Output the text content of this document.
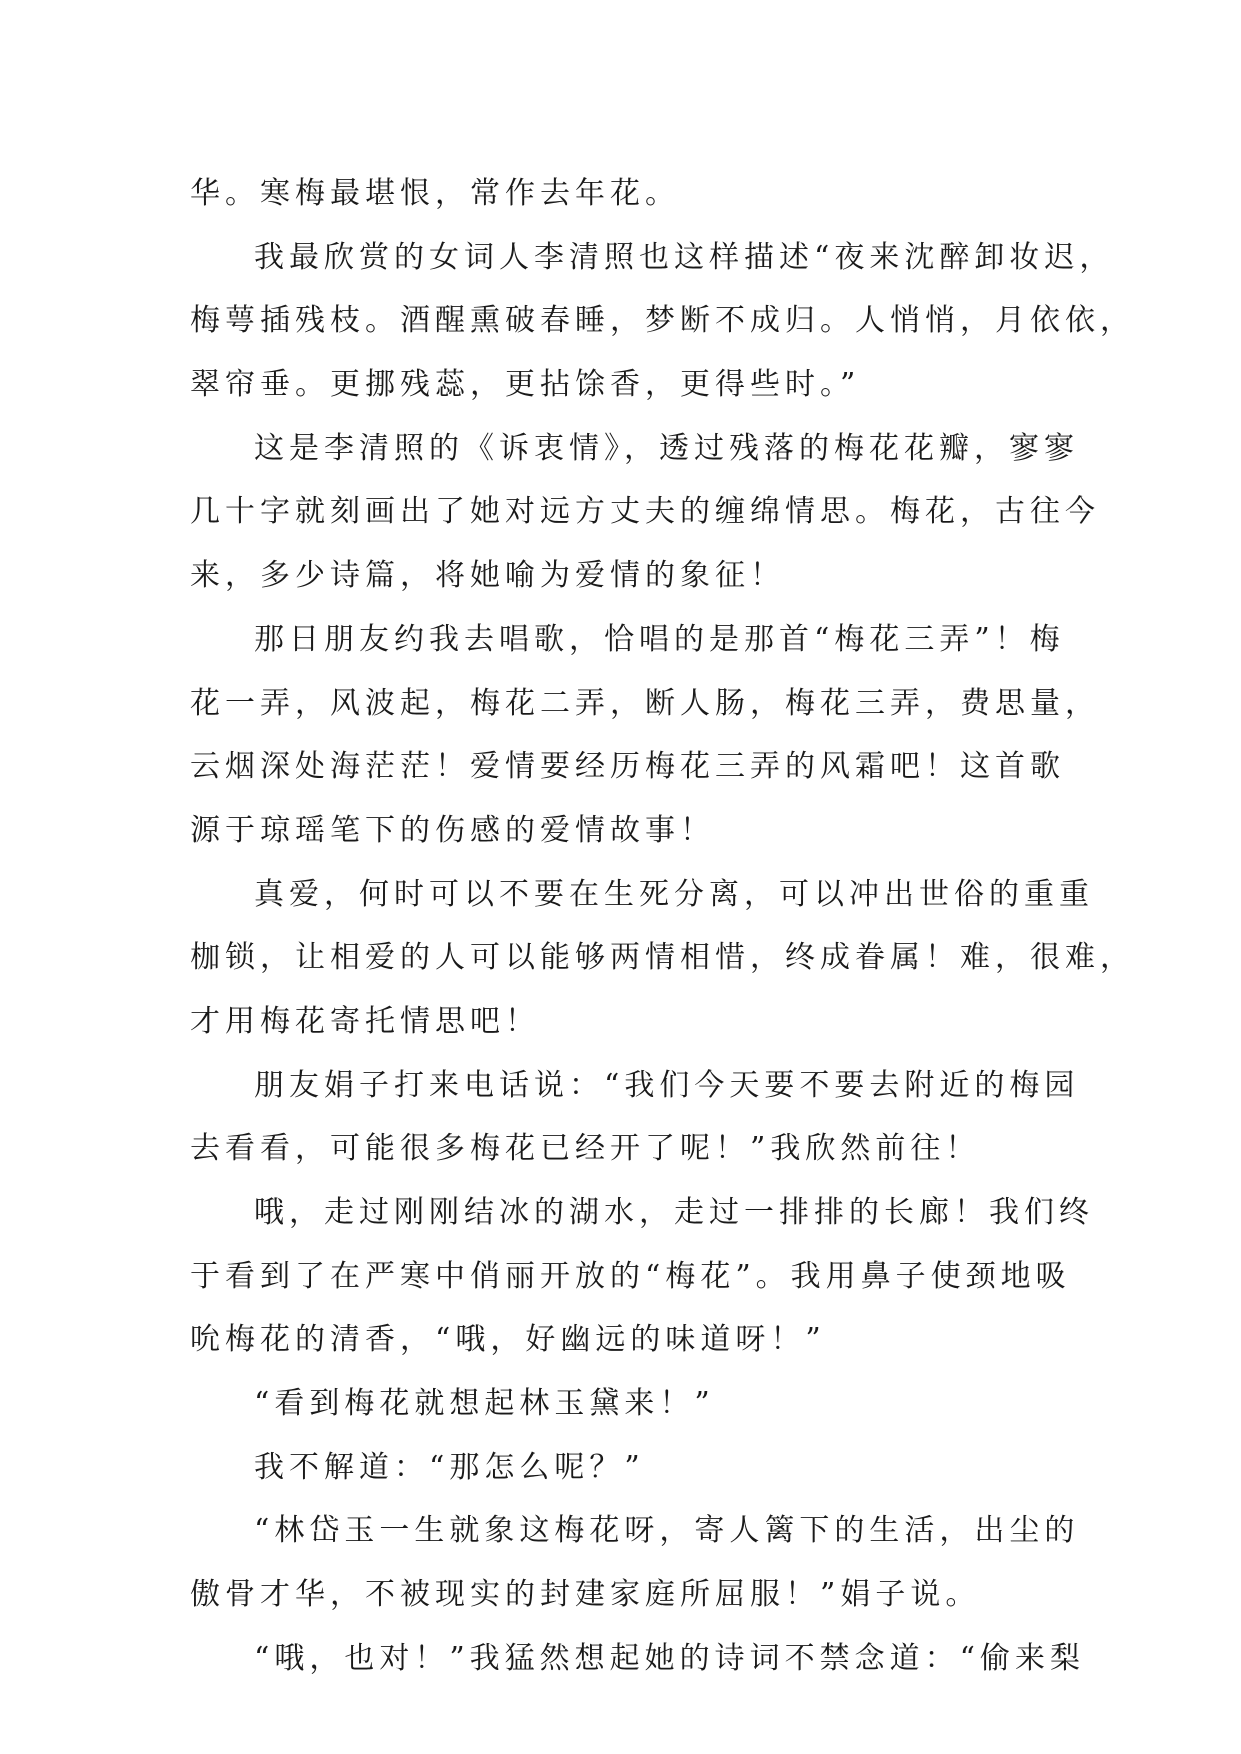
华。寒梅最堪恨，常作去年花。
我最欣赏的女词人李清照也这样描述“夜来沈醉卸妆迟，
梅萼插残枝。酒醒熏破春睡，梦断不成归。人悄悄，月依依，
翠帘垂。更挪残蕊，更拈馀香，更得些时。”
这是李清照的《诉衷情》，透过残落的梅花花瓣，寥寥
几十字就刻画出了她对远方丈夫的缠绵情思。梅花，古往今
来，多少诗篇，将她喻为爱情的象征！
那日朋友约我去唱歌，恰唱的是那首“梅花三弄”！梅
花一弄，风波起，梅花二弄，断人肠，梅花三弄，费思量，
云烟深处海茫茫！爱情要经历梅花三弄的风霜吧！这首歌
源于琼瑶笔下的伤感的爱情故事！
真爱，何时可以不要在生死分离，可以冲出世俗的重重
枷锁，让相爱的人可以能够两情相惜，终成眷属！难，很难，
才用梅花寄托情思吧！
朋友娟子打来电话说：“我们今天要不要去附近的梅园
去看看，可能很多梅花已经开了呢！”我欣然前往！
哦，走过刚刚结冰的湖水，走过一排排的长廊！我们终
于看到了在严寒中俏丽开放的“梅花”。我用鼻子使颈地吸
吮梅花的清香，“哦，好幽远的味道呀！”
“看到梅花就想起林玉黛来！”
我不解道：“那怎么呢？”
“林岱玉一生就象这梅花呀，寄人篱下的生活，出尘的
傲骨才华，不被现实的封建家庭所屈服！”娟子说。
“哦，也对！”我猛然想起她的诗词不禁念道：“偷来梨
